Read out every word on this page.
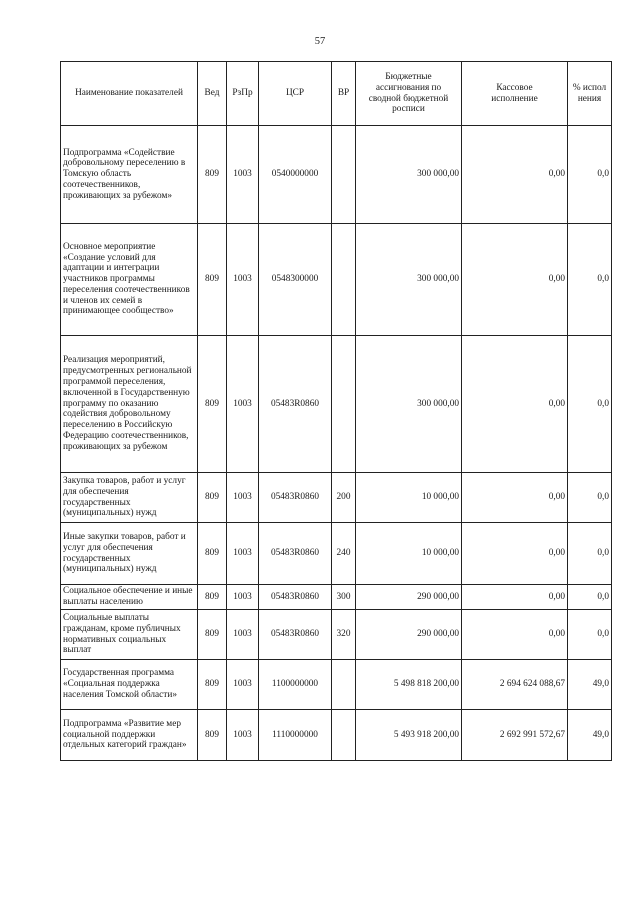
57
Наименование показателей	Вед	РзПр	ЦСР	ВР	Бюджетные ассигнования по сводной бюджетной росписи	Кассовое исполнение	% испол нения
Подпрограмма «Содействие добровольному переселению в Томскую область соотечественников, проживающих за рубежом»	809	1003	0540000000		300 000,00	0,00	0,0
Основное мероприятие «Создание условий для адаптации и интеграции участников программы переселения соотечественников и членов их семей в принимающее сообщество»	809	1003	0548300000		300 000,00	0,00	0,0
Реализация мероприятий, предусмотренных региональной программой переселения, включенной в Государственную программу по оказанию содействия добровольному переселению в Российскую Федерацию соотечественников, проживающих за рубежом	809	1003	05483R0860		300 000,00	0,00	0,0
Закупка товаров, работ и услуг для обеспечения государственных (муниципальных) нужд	809	1003	05483R0860	200	10 000,00	0,00	0,0
Иные закупки товаров, работ и услуг для обеспечения государственных (муниципальных) нужд	809	1003	05483R0860	240	10 000,00	0,00	0,0
Социальное обеспечение и иные выплаты населению	809	1003	05483R0860	300	290 000,00	0,00	0,0
Социальные выплаты гражданам, кроме публичных нормативных социальных выплат	809	1003	05483R0860	320	290 000,00	0,00	0,0
Государственная программа «Социальная поддержка населения Томской области»	809	1003	1100000000		5 498 818 200,00	2 694 624 088,67	49,0
Подпрограмма «Развитие мер социальной поддержки отдельных категорий граждан»	809	1003	1110000000		5 493 918 200,00	2 692 991 572,67	49,0
